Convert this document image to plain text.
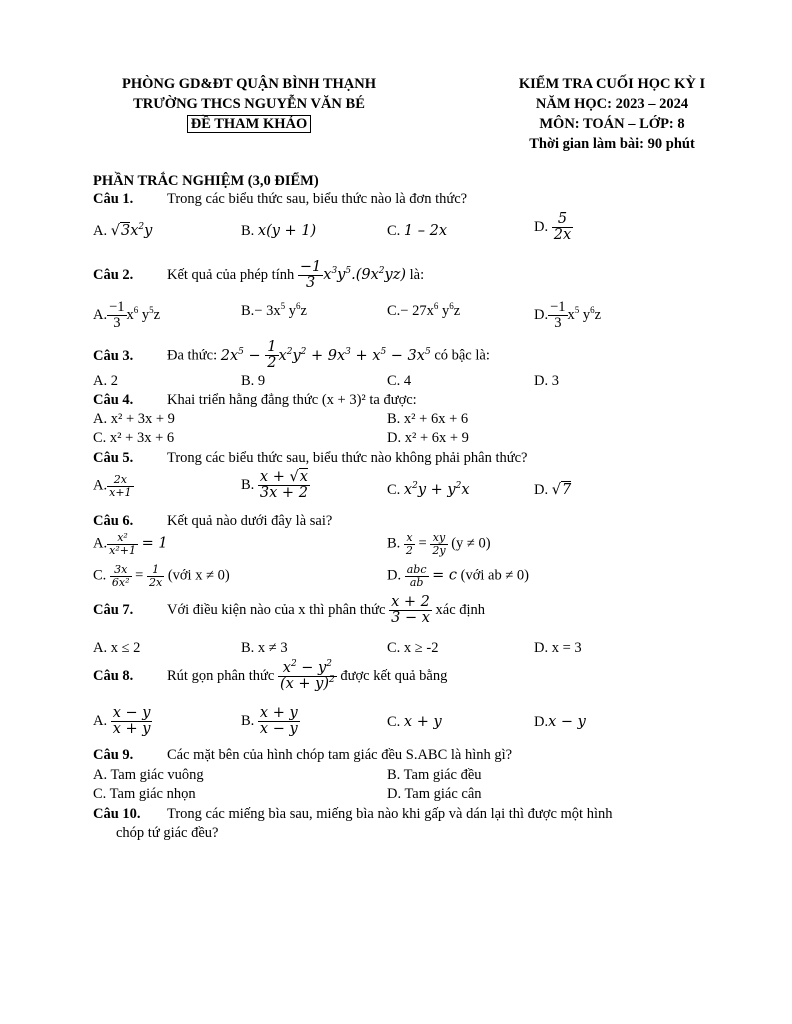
PHÒNG GD&ĐT QUẬN BÌNH THẠNH
TRƯỜNG THCS NGUYỄN VĂN BÉ
ĐỀ THAM KHẢO
KIỂM TRA CUỐI HỌC KỲ I
NĂM HỌC: 2023 – 2024
MÔN: TOÁN – LỚP: 8
Thời gian làm bài: 90 phút
PHẦN TRẮC NGHIỆM (3,0 ĐIỂM)
Câu 1. Trong các biểu thức sau, biểu thức nào là đơn thức?
A. $√3x^2y$	B. x(y + 1)	C. 1 – 2x	D. $\frac{5}{2x}$
Câu 2. Kết quả của phép tính $\frac{-1}{3} x^3y^5.(9x^2yz)$ là:
A. $\frac{-1}{3} x^6$ $y^5z$	$B.- 3x^5$ $y^6z$	$C.- 27x^6$ $y^6z$	D. $\frac{-1}{3} x^5$ $y^6z$
Câu 3. Đa thức: $2x^5 - \frac{1}{2} x^2y^2 + 9x^3 + x^5 - 3x^5$ có bậc là:
A. 2	B. 9	C. 4	D. 3
Câu 4. Khai triển hằng đẳng thức (x + 3)² ta được:
A. x² + 3x + 9	B. x² + 6x + 6
C. x² + 3x + 6	D. x² + 6x + 9
Câu 5. Trong các biểu thức sau, biểu thức nào không phải phân thức?
A. $\frac{2x}{x+1}$	B. $\frac{x + √x}{3x + 2}$	C. $x^2y + y^2x$	D. √7
Câu 6. Kết quả nào dưới đây là sai?
A. $\frac{\text{x²}}{\text{x²+1}} = 1$	B. $\frac{x}{2} = \frac{xy}{2y} (y \ne 0)$
C. $\frac{3x}{\text{6x²}} = \frac{1}{2x}$ (với x ≠ 0)	D. $\frac{\text{abc}}{ab} = c$ (với ab ≠ 0)
Câu 7. Với điều kiện nào của x thì phân thức $\frac{x + 2}{3 - x}$ xác định
A. x ≤ 2	B. x ≠ 3	C. x ≥ -2	D. x = 3
Câu 8. Rút gọn phân thức $\frac{x^2 - y^2}{(x + y)^2}$ được kết quả bằng
A. $\frac{x - y}{x + y}$	B. $\frac{x + y}{x - y}$	C. x + y	D.x − y
Câu 9. Các mặt bên của hình chóp tam giác đều S.ABC là hình gì?
A. Tam giác vuông	B. Tam giác đều
C. Tam giác nhọn	D. Tam giác cân
Câu 10. Trong các miếng bìa sau, miếng bìa nào khi gấp và dán lại thì được một hình
chóp tứ giác đều?
